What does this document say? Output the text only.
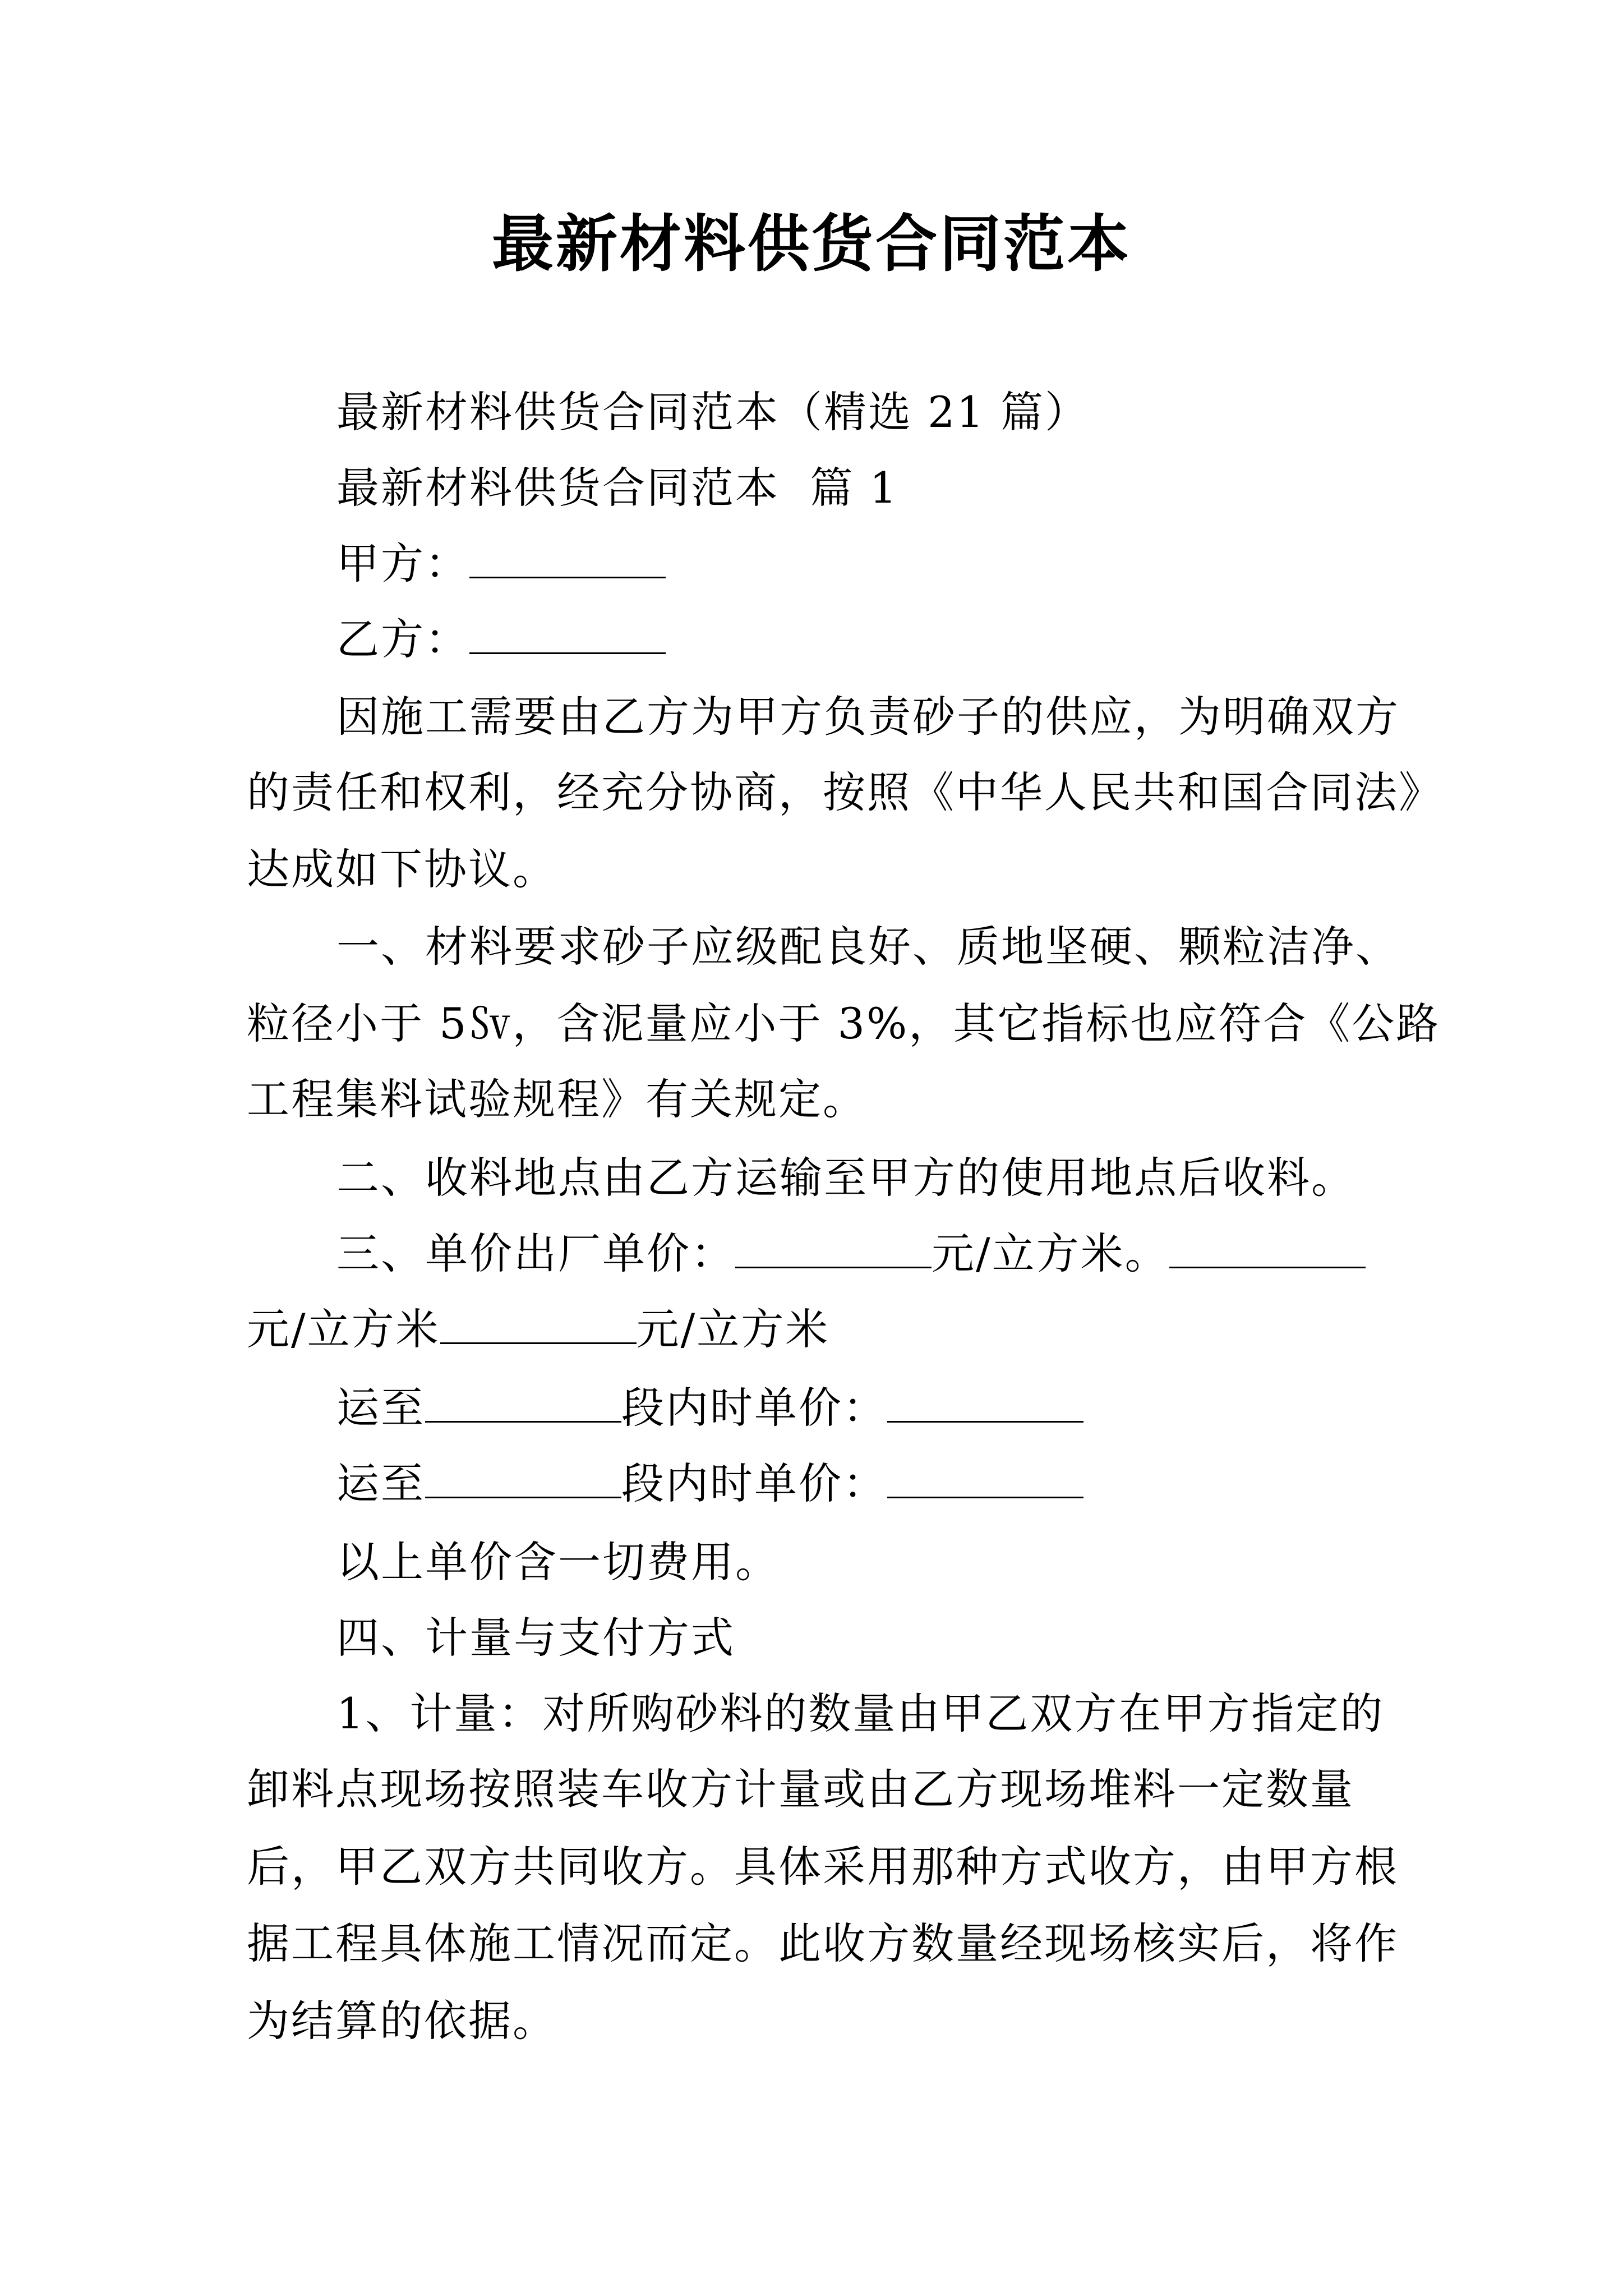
最新材料供货合同范本
最新材料供货合同范本（精选 21 篇）
最新材料供货合同范本  篇 1
甲方：
乙方：
因施工需要由乙方为甲方负责砂子的供应，为明确双方
的责任和权利，经充分协商，按照《中华人民共和国合同法》
达成如下协议。
一、材料要求砂子应级配良好、质地坚硬、颗粒洁净、
粒径小于 5㏜，含泥量应小于 3%，其它指标也应符合《公路
工程集料试验规程》有关规定。
二、收料地点由乙方运输至甲方的使用地点后收料。
三、单价出厂单价：	元/立方米。
元/立方米	元/立方米
运至	段内时单价：
运至	段内时单价：
以上单价含一切费用。
四、计量与支付方式
1、计量：对所购砂料的数量由甲乙双方在甲方指定的
卸料点现场按照装车收方计量或由乙方现场堆料一定数量
后，甲乙双方共同收方。具体采用那种方式收方，由甲方根
据工程具体施工情况而定。此收方数量经现场核实后，将作
为结算的依据。
